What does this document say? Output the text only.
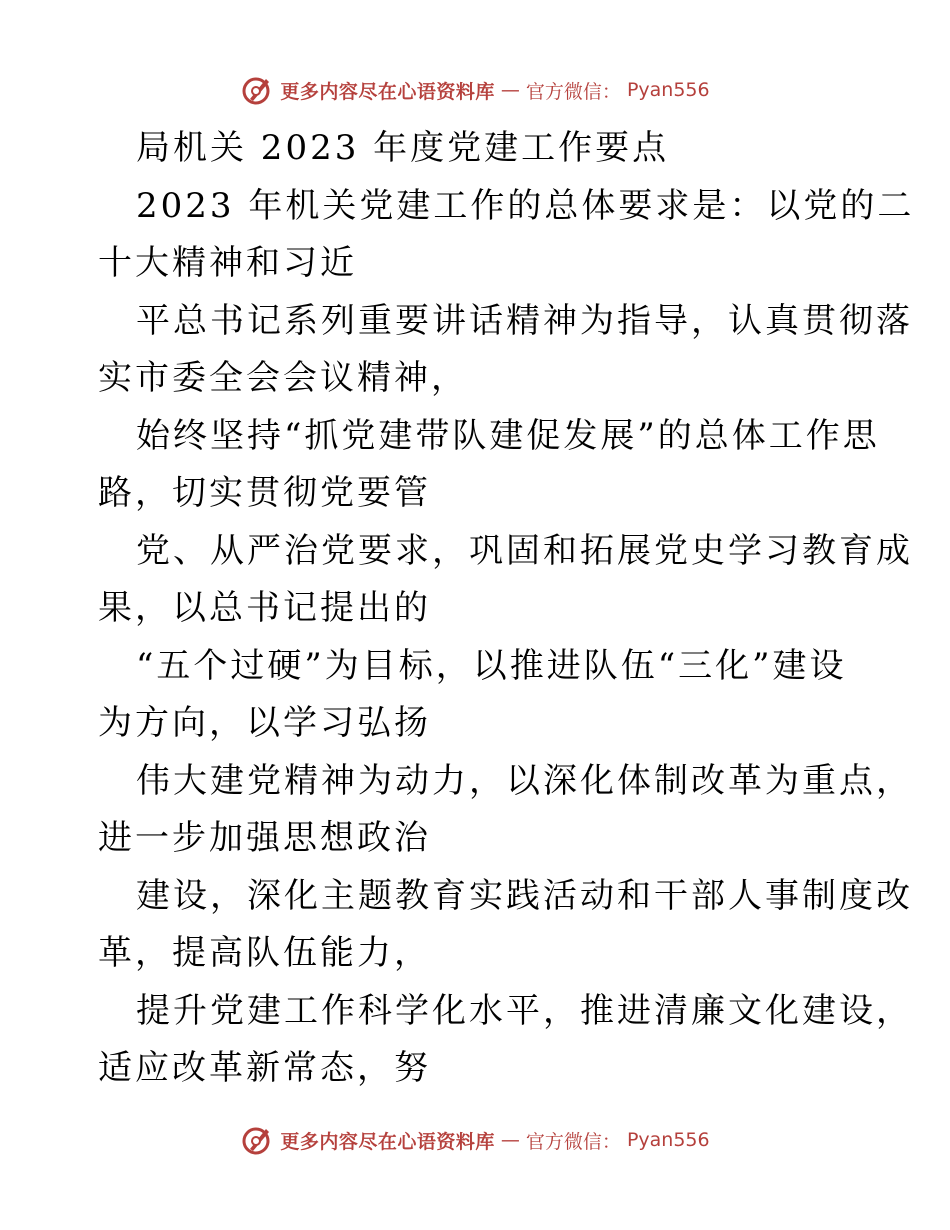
更多内容尽在心语资料库 — 官方微信： Pyan556
局机关 2023 年度党建工作要点
2023 年机关党建工作的总体要求是：以党的二
十大精神和习近
平总书记系列重要讲话精神为指导，认真贯彻落
实市委全会会议精神，
始终坚持“抓党建带队建促发展”的总体工作思
路，切实贯彻党要管
党、从严治党要求，巩固和拓展党史学习教育成
果，以总书记提出的
“五个过硬”为目标，以推进队伍“三化”建设
为方向，以学习弘扬
伟大建党精神为动力，以深化体制改革为重点，
进一步加强思想政治
建设，深化主题教育实践活动和干部人事制度改
革，提高队伍能力，
提升党建工作科学化水平，推进清廉文化建设，
适应改革新常态，努
更多内容尽在心语资料库 — 官方微信： Pyan556
